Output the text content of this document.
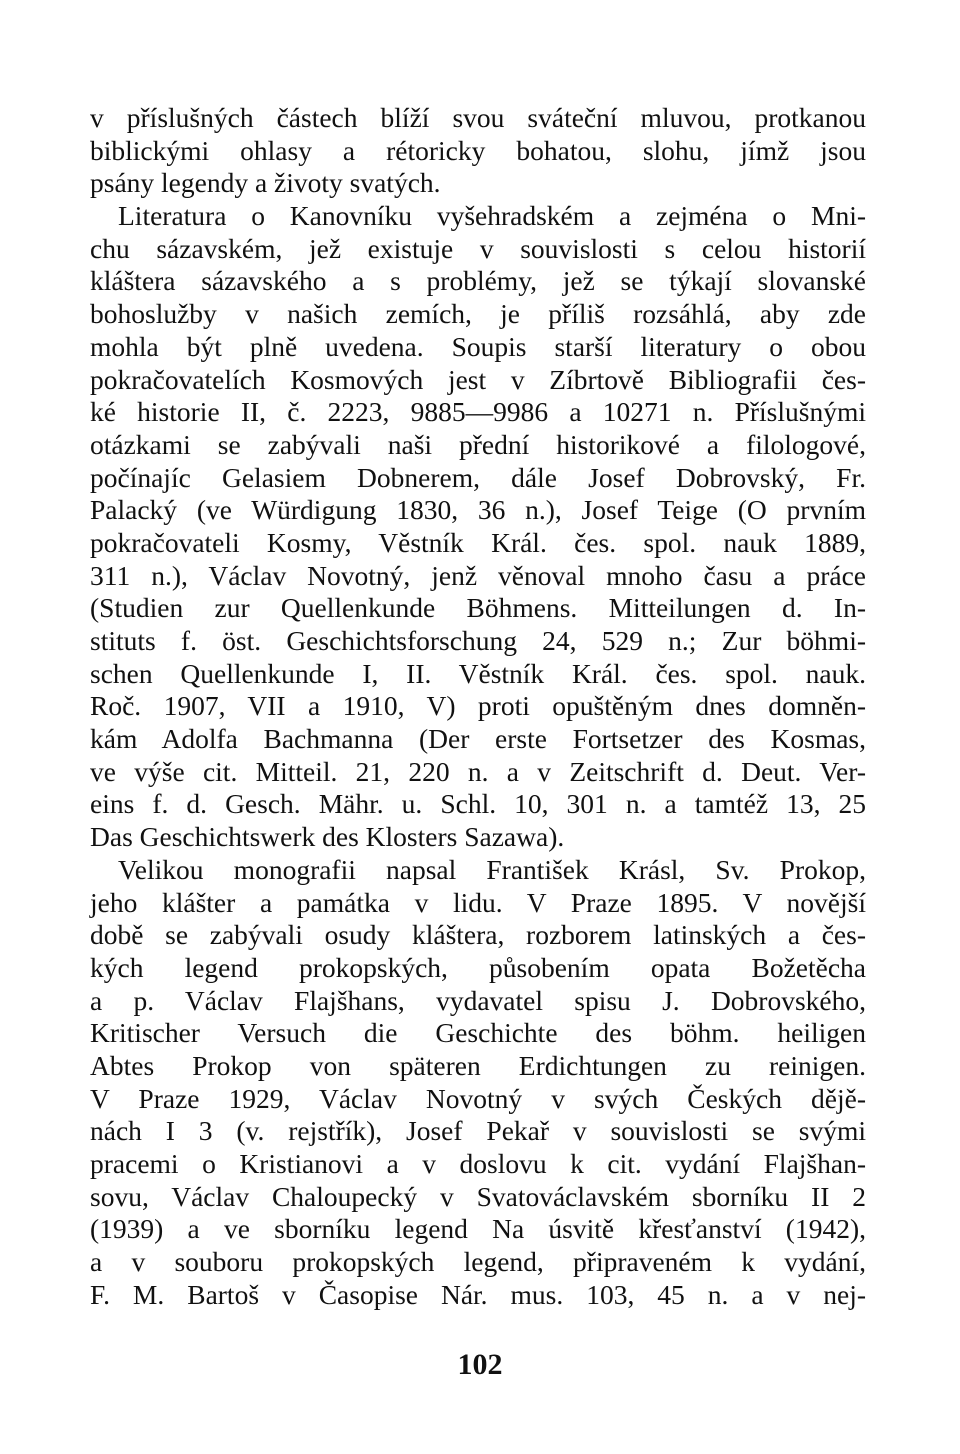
v příslušných částech blíží svou sváteční mluvou, protkanou
biblickými ohlasy a rétoricky bohatou, slohu, jímž jsou
psány legendy a životy svatých.
Literatura o Kanovníku vyšehradském a zejména o Mni-
chu sázavském, jež existuje v souvislosti s celou historií
kláštera sázavského a s problémy, jež se týkají slovanské
bohoslužby v našich zemích, je příliš rozsáhlá, aby zde
mohla být plně uvedena. Soupis starší literatury o obou
pokračovatelích Kosmových jest v Zíbrtově Bibliografii čes-
ké historie II, č. 2223, 9885—9986 a 10271 n. Příslušnými
otázkami se zabývali naši přední historikové a filologové,
počínajíc Gelasiem Dobnerem, dále Josef Dobrovský, Fr.
Palacký (ve Würdigung 1830, 36 n.), Josef Teige (O prvním
pokračovateli Kosmy, Věstník Král. čes. spol. nauk 1889,
311 n.), Václav Novotný, jenž věnoval mnoho času a práce
(Studien zur Quellenkunde Böhmens. Mitteilungen d. In-
stituts f. öst. Geschichtsforschung 24, 529 n.; Zur böhmi-
schen Quellenkunde I, II. Věstník Král. čes. spol. nauk.
Roč. 1907, VII a 1910, V) proti opuštěným dnes domněn-
kám Adolfa Bachmanna (Der erste Fortsetzer des Kosmas,
ve výše cit. Mitteil. 21, 220 n. a v Zeitschrift d. Deut. Ver-
eins f. d. Gesch. Mähr. u. Schl. 10, 301 n. a tamtéž 13, 25
Das Geschichtswerk des Klosters Sazawa).
Velikou monografii napsal František Krásl, Sv. Prokop,
jeho klášter a památka v lidu. V Praze 1895. V novější
době se zabývali osudy kláštera, rozborem latinských a čes-
kých legend prokopských, působením opata Božetěcha
a p. Václav Flajšhans, vydavatel spisu J. Dobrovského,
Kritischer Versuch die Geschichte des böhm. heiligen
Abtes Prokop von späteren Erdichtungen zu reinigen.
V Praze 1929, Václav Novotný v svých Českých dějě-
nách I 3 (v. rejstřík), Josef Pekař v souvislosti se svými
pracemi o Kristianovi a v doslovu k cit. vydání Flajšhan-
sovu, Václav Chaloupecký v Svatováclavském sborníku II 2
(1939) a ve sborníku legend Na úsvitě křesťanství (1942),
a v souboru prokopských legend, připraveném k vydání,
F. M. Bartoš v Časopise Nár. mus. 103, 45 n. a v nej-
102
